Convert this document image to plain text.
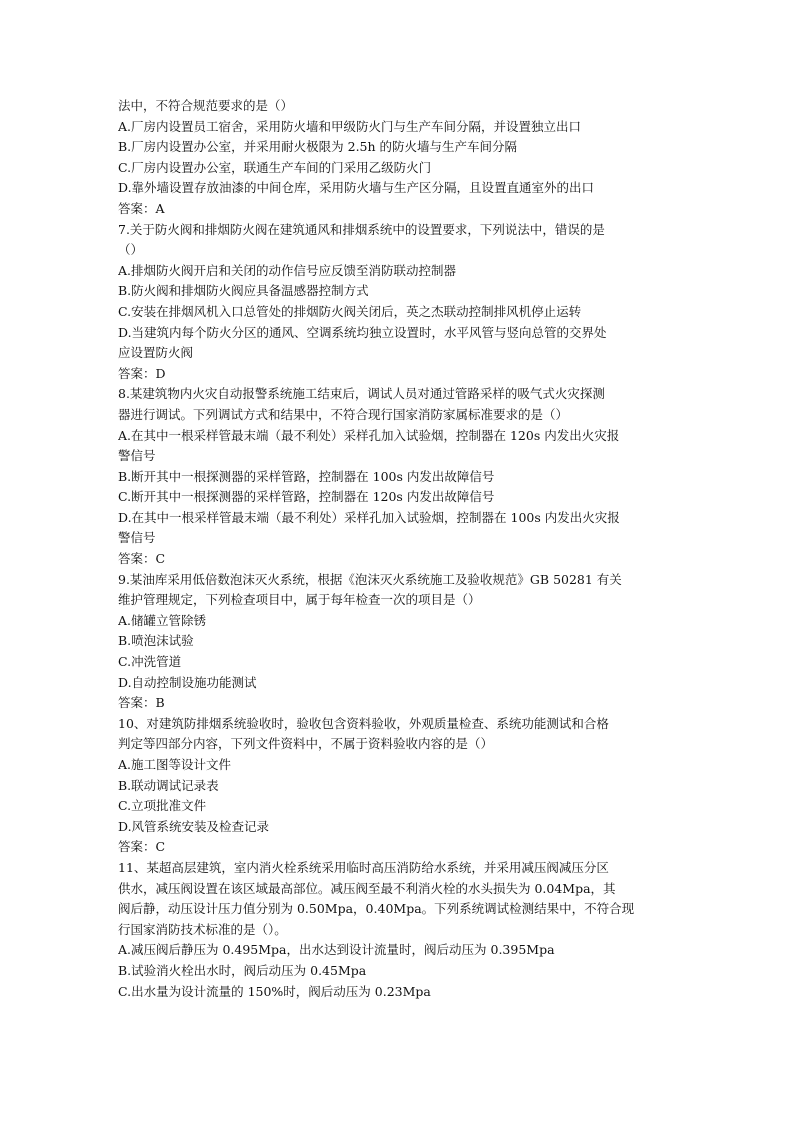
法中，不符合规范要求的是（）
A.厂房内设置员工宿舍，采用防火墙和甲级防火门与生产车间分隔，并设置独立出口
B.厂房内设置办公室，并采用耐火极限为 2.5h 的防火墙与生产车间分隔
C.厂房内设置办公室，联通生产车间的门采用乙级防火门
D.靠外墙设置存放油漆的中间仓库，采用防火墙与生产区分隔，且设置直通室外的出口
答案：A
7.关于防火阀和排烟防火阀在建筑通风和排烟系统中的设置要求，下列说法中，错误的是
（）
A.排烟防火阀开启和关闭的动作信号应反馈至消防联动控制器
B.防火阀和排烟防火阀应具备温感器控制方式
C.安装在排烟风机入口总管处的排烟防火阀关闭后，英之杰联动控制排风机停止运转
D.当建筑内每个防火分区的通风、空调系统均独立设置时，水平风管与竖向总管的交界处
应设置防火阀
答案：D
8.某建筑物内火灾自动报警系统施工结束后，调试人员对通过管路采样的吸气式火灾探测
器进行调试。下列调试方式和结果中，不符合现行国家消防家属标准要求的是（）
A.在其中一根采样管最末端（最不利处）采样孔加入试验烟，控制器在 120s 内发出火灾报
警信号
B.断开其中一根探测器的采样管路，控制器在 100s 内发出故障信号
C.断开其中一根探测器的采样管路，控制器在 120s 内发出故障信号
D.在其中一根采样管最末端（最不利处）采样孔加入试验烟，控制器在 100s 内发出火灾报
警信号
答案：C
9.某油库采用低倍数泡沫灭火系统，根据《泡沫灭火系统施工及验收规范》GB 50281 有关
维护管理规定，下列检查项目中，属于每年检查一次的项目是（）
A.储罐立管除锈
B.喷泡沫试验
C.冲洗管道
D.自动控制设施功能测试
答案：B
10、对建筑防排烟系统验收时，验收包含资料验收，外观质量检查、系统功能测试和合格
判定等四部分内容，下列文件资料中，不属于资料验收内容的是（）
A.施工图等设计文件
B.联动调试记录表
C.立项批准文件
D.风管系统安装及检查记录
答案：C
11、某超高层建筑，室内消火栓系统采用临时高压消防给水系统，并采用减压阀减压分区
供水，减压阀设置在该区域最高部位。减压阀至最不利消火栓的水头损失为 0.04Mpa，其
阀后静，动压设计压力值分别为 0.50Mpa，0.40Mpa。下列系统调试检测结果中，不符合现
行国家消防技术标准的是（）。
A.减压阀后静压为 0.495Mpa，出水达到设计流量时，阀后动压为 0.395Mpa
B.试验消火栓出水时，阀后动压为 0.45Mpa
C.出水量为设计流量的 150%时，阀后动压为 0.23Mpa
